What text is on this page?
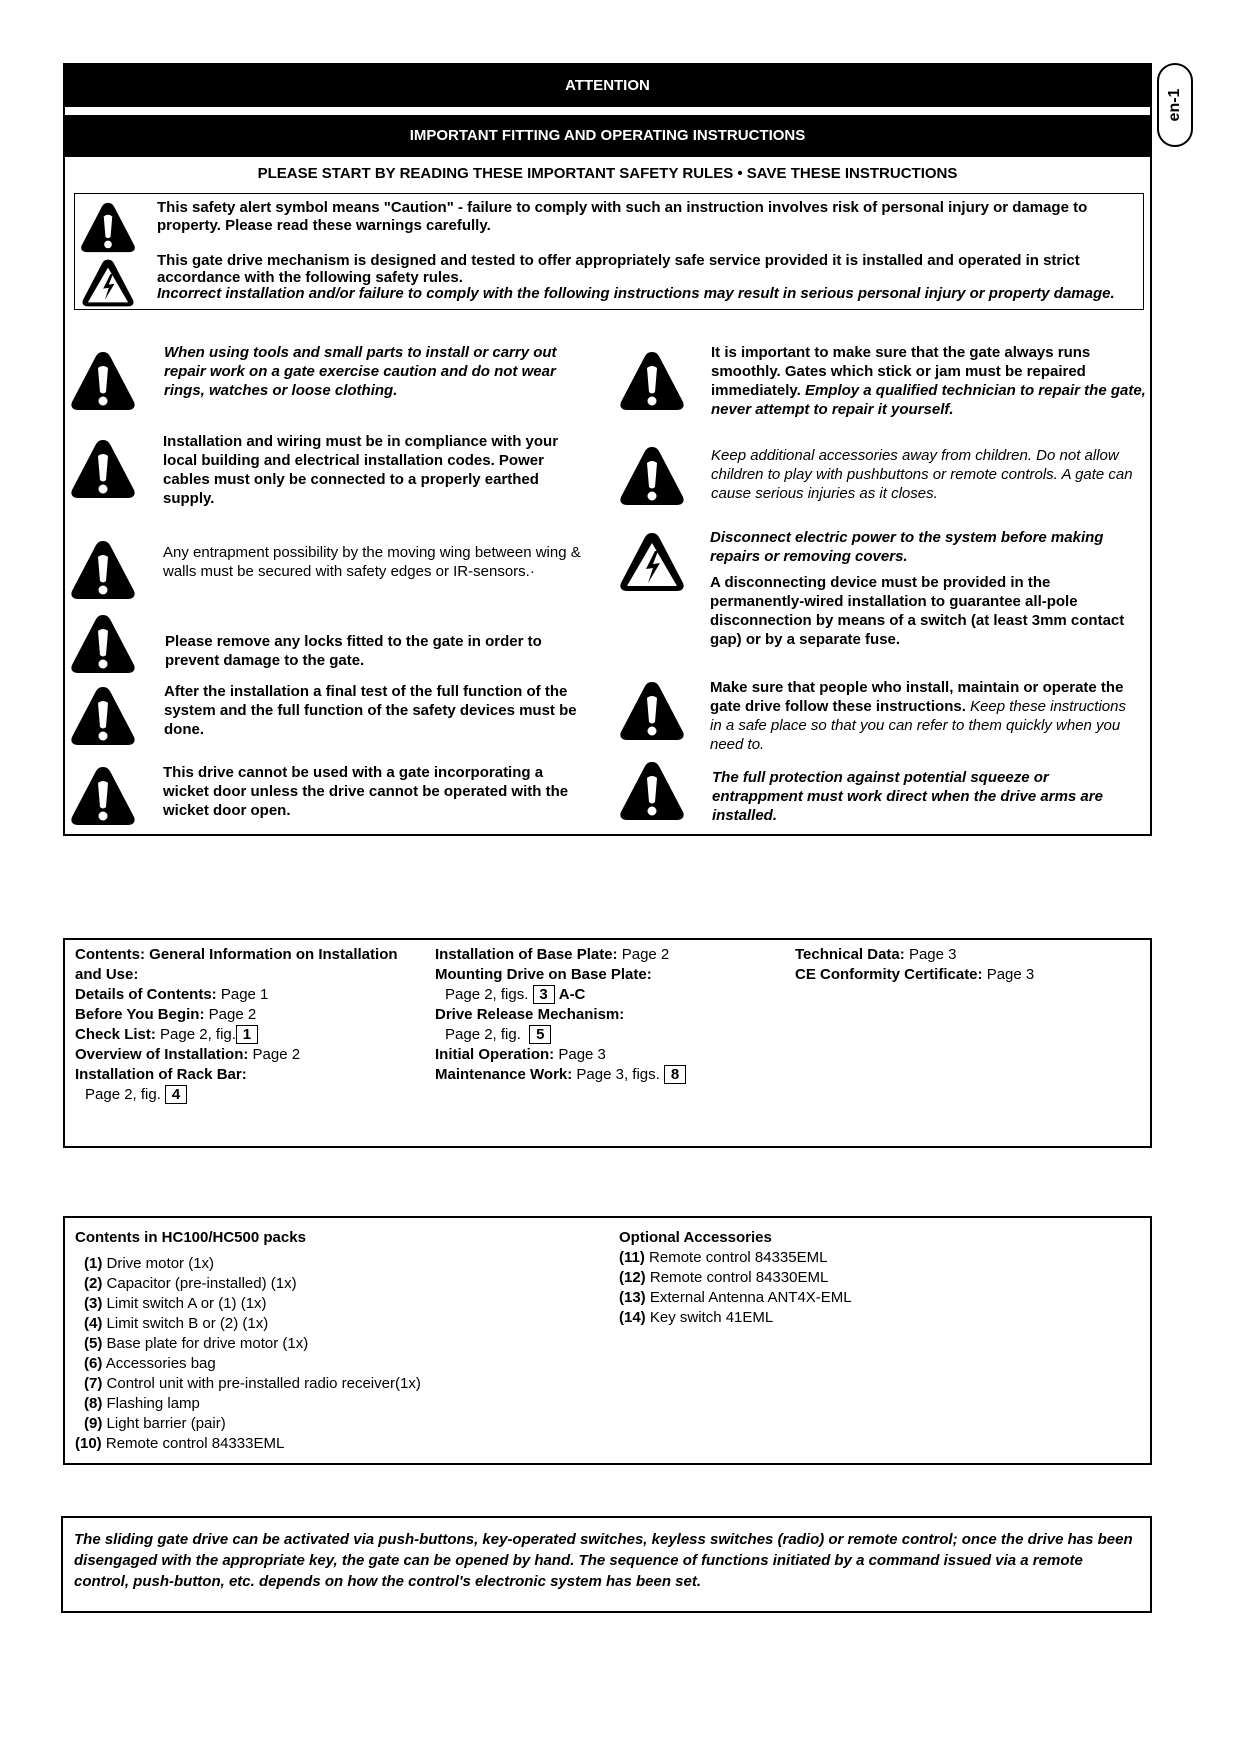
en-1
ATTENTION
IMPORTANT FITTING AND OPERATING INSTRUCTIONS
PLEASE START BY READING THESE IMPORTANT SAFETY RULES • SAVE THESE INSTRUCTIONS
This safety alert symbol means "Caution" - failure to comply with such an instruction involves risk of personal injury or damage to property. Please read these warnings carefully.
This gate drive mechanism is designed and tested to offer appropriately safe service provided it is installed and operated in strict accordance with the following safety rules.
Incorrect installation and/or failure to comply with the following instructions may result in serious personal injury or property damage.
When using tools and small parts to install or carry out repair work on a gate exercise caution and do not wear rings, watches or loose clothing.
Installation and wiring must be in compliance with your local building and electrical installation codes. Power cables must only be connected to a properly earthed supply.
Any entrapment possibility by the moving wing between wing & walls must be secured with safety edges or IR-sensors.·
Please remove any locks fitted to the gate in order to prevent damage to the gate.
After the installation a final test of the full function of the system and the full function of the safety devices must be done.
This drive cannot be used with a gate incorporating a wicket door unless the drive cannot be operated with the wicket door open.
It is important to make sure that the gate always runs smoothly. Gates which stick or jam must be repaired immediately. Employ a qualified technician to repair the gate, never attempt to repair it yourself.
Keep additional accessories away from children. Do not allow children to play with pushbuttons or remote controls. A gate can cause serious injuries as it closes.
Disconnect electric power to the system before making repairs or removing covers.
A disconnecting device must be provided in the permanently-wired installation to guarantee all-pole disconnection by means of a switch (at least 3mm contact gap) or by a separate fuse.
Make sure that people who install, maintain or operate the gate drive follow these instructions. Keep these instructions in a safe place so that you can refer to them quickly when you need to.
The full protection against potential squeeze or entrappment must work direct when the drive arms are installed.
Contents: General Information on Installation and Use:
Details of Contents: Page 1
Before You Begin: Page 2
Check List: Page 2, fig. 1
Overview of Installation: Page 2
Installation of Rack Bar:
Page 2, fig. 4
Installation of Base Plate: Page 2
Mounting Drive on Base Plate:
Page 2, figs. 3 A-C
Drive Release Mechanism:
Page 2, fig. 5
Initial Operation: Page 3
Maintenance Work: Page 3, figs. 8
Technical Data: Page 3
CE Conformity Certificate: Page 3
Contents in HC100/HC500 packs
(1) Drive motor (1x)
(2) Capacitor (pre-installed) (1x)
(3) Limit switch A or (1) (1x)
(4) Limit switch B or (2) (1x)
(5) Base plate for drive motor (1x)
(6) Accessories bag
(7) Control unit with pre-installed radio receiver(1x)
(8) Flashing lamp
(9) Light barrier (pair)
(10) Remote control 84333EML
Optional Accessories
(11) Remote control 84335EML
(12) Remote control 84330EML
(13) External Antenna ANT4X-EML
(14) Key switch 41EML
The sliding gate drive can be activated via push-buttons, key-operated switches, keyless switches (radio) or remote control; once the drive has been disengaged with the appropriate key, the gate can be opened by hand. The sequence of functions initiated by a command issued via a remote control, push-button, etc. depends on how the control's electronic system has been set.
